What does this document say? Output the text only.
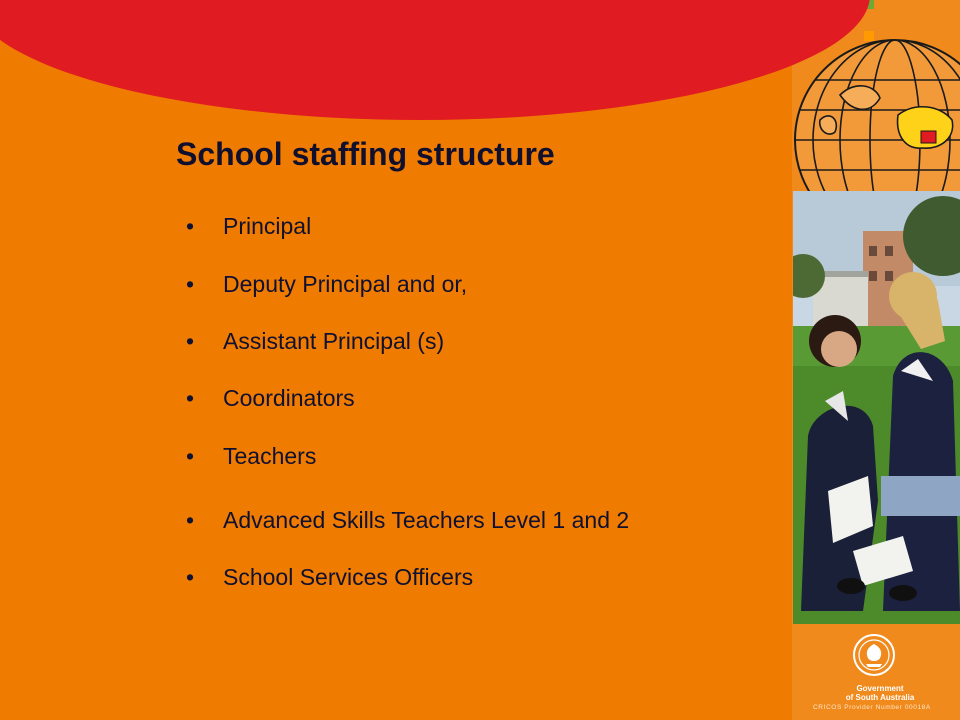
School staffing structure
•	Principal
•	Deputy Principal and or,
•	Assistant Principal (s)
•	Coordinators
•	Teachers
•	Advanced Skills Teachers Level 1 and 2
•	School Services Officers
Government
of South Australia
CRICOS Provider Number 00018A
